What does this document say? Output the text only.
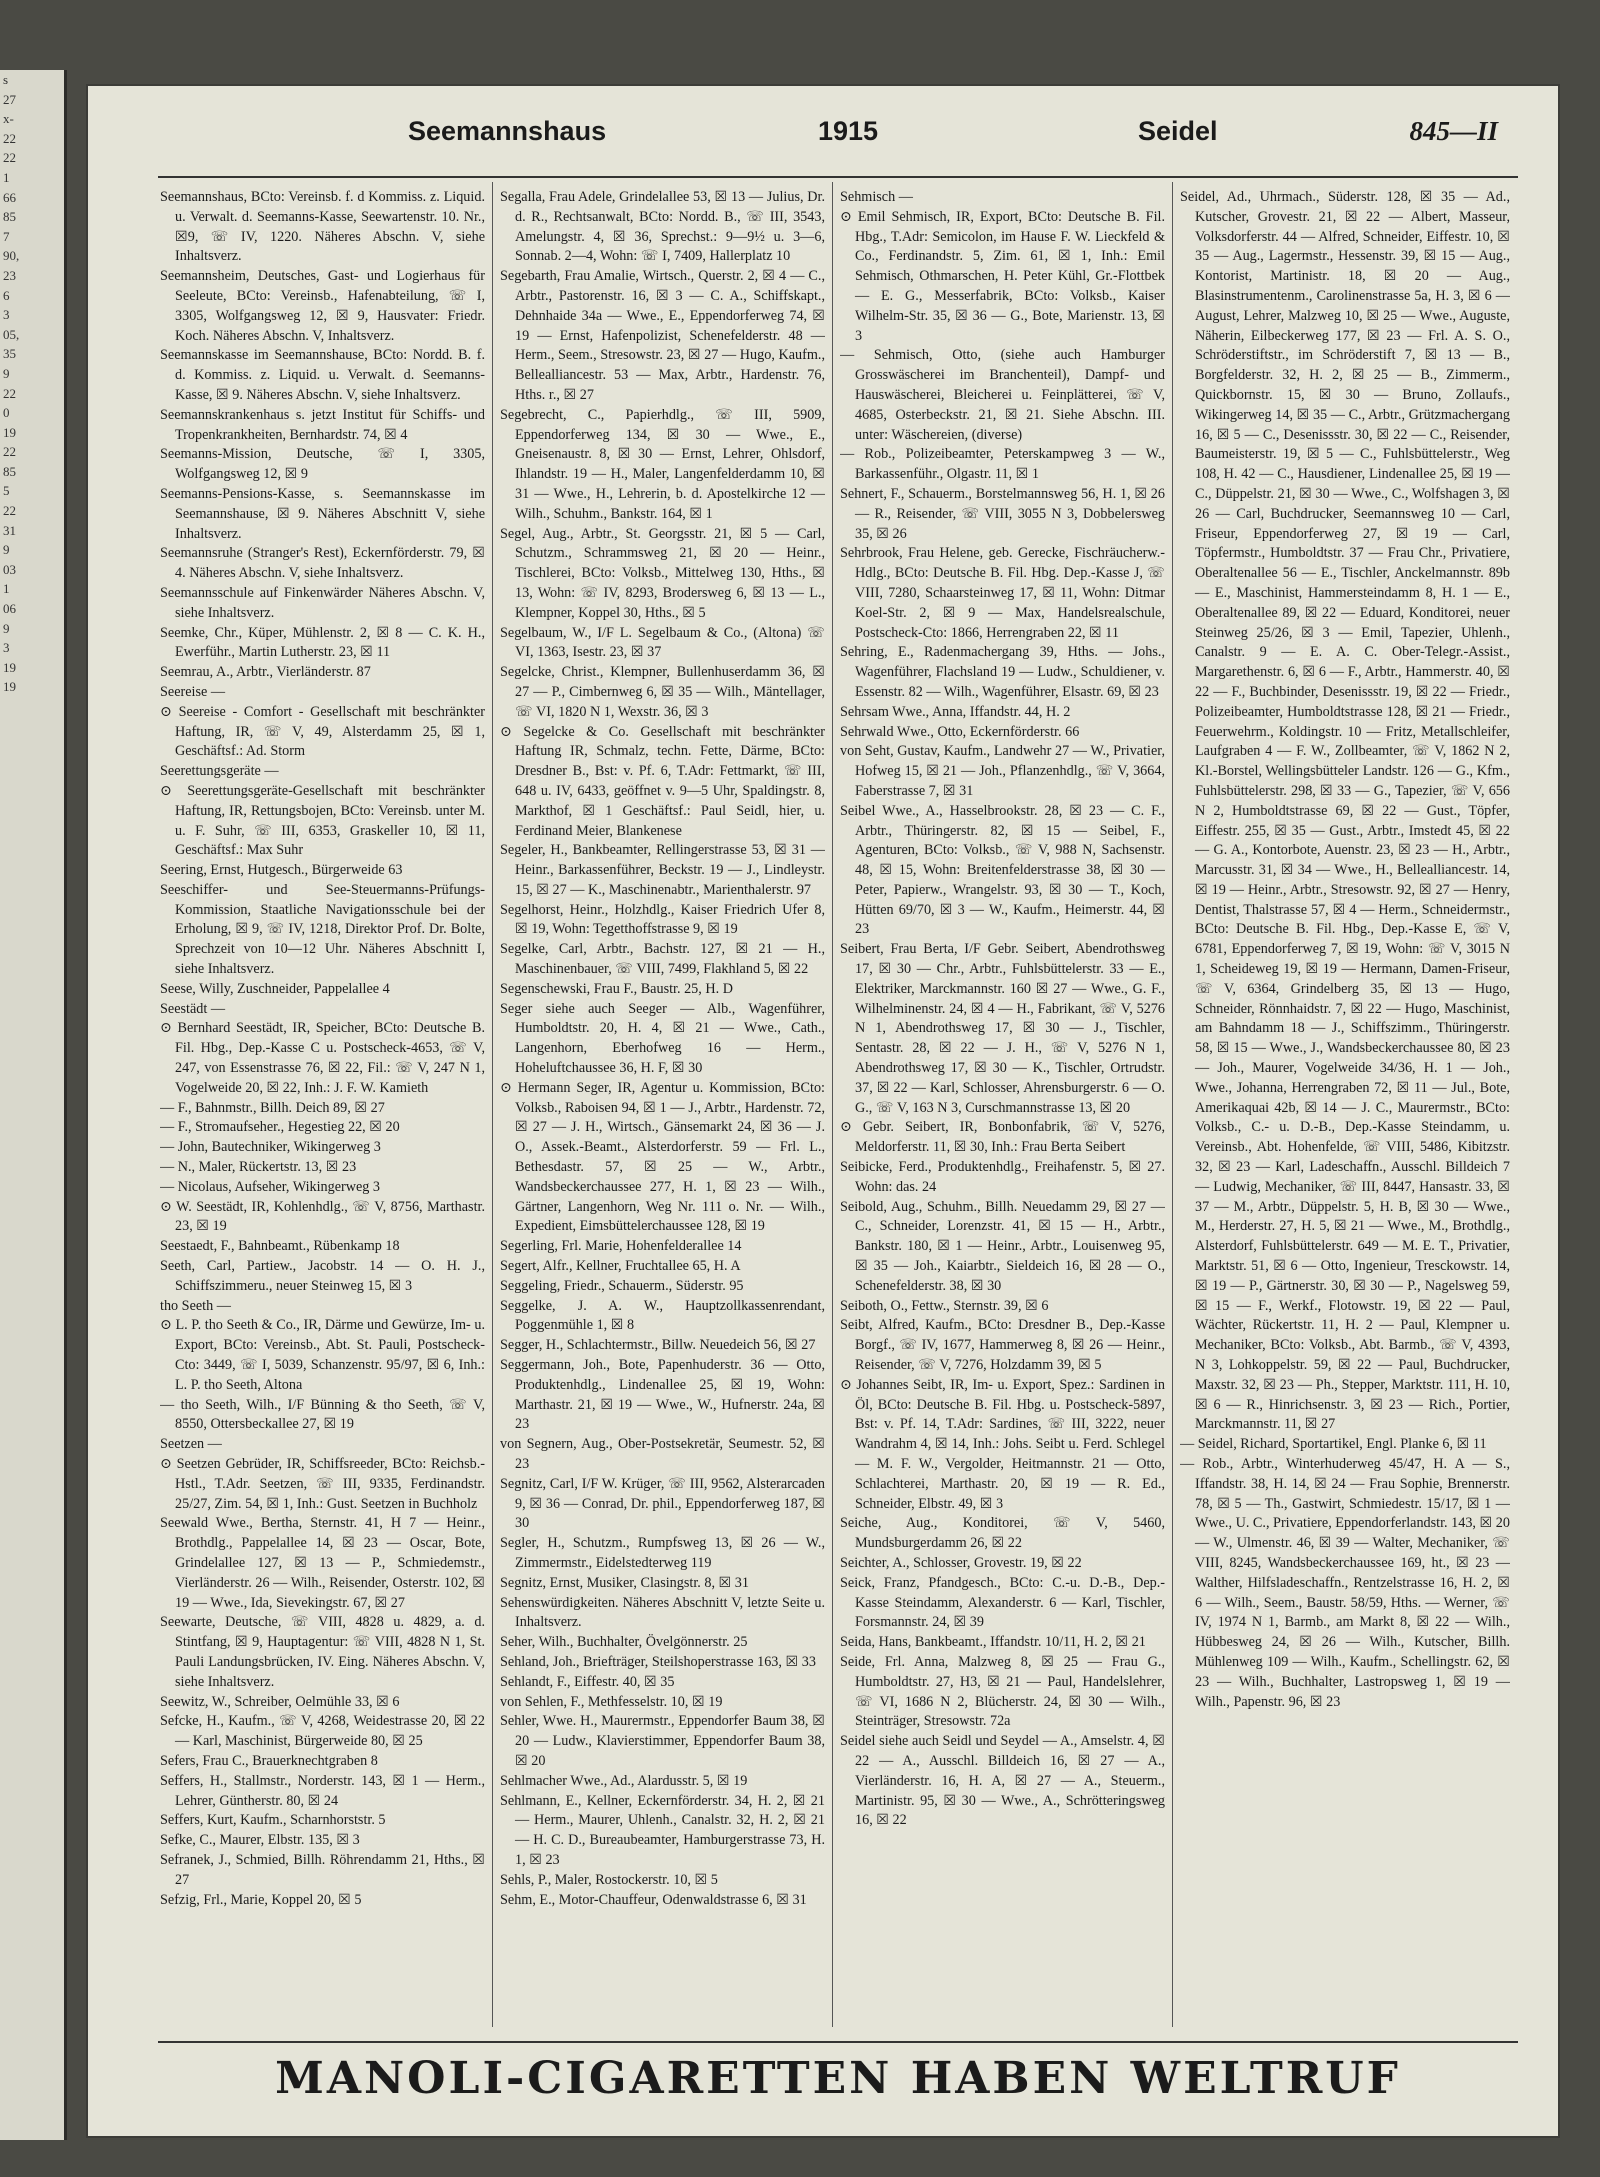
s
27
x-
22
22
1
66
85
7
90,
23
6
3
05,
35
9
22
0
19
22
85
5
22
31
9
03
1
06
9
3
19
19
Seemannshaus	1915	Seidel	845—II

Seemannshaus, BCto: Vereinsb. f. d Kommiss. z. Liquid. u. Verwalt. d. Seemanns-Kasse, Seewartenstr. 10. Nr., ☒9, ☏ IV, 1220. Näheres Abschn. V, siehe Inhaltsverz.

Seemannsheim, Deutsches, Gast- und Logierhaus für Seeleute, BCto: Vereinsb., Hafenabteilung, ☏ I, 3305, Wolfgangsweg 12, ☒ 9, Hausvater: Friedr. Koch. Näheres Abschn. V, Inhaltsverz.

Seemannskasse im Seemannshause, BCto: Nordd. B. f. d. Kommiss. z. Liquid. u. Verwalt. d. Seemanns-Kasse, ☒ 9. Näheres Abschn. V, siehe Inhaltsverz.

Seemannskrankenhaus s. jetzt Institut für Schiffs- und Tropenkrankheiten, Bernhardstr. 74, ☒ 4

Seemanns-Mission, Deutsche, ☏ I, 3305, Wolfgangsweg 12, ☒ 9

Seemanns-Pensions-Kasse, s. Seemannskasse im Seemannshause, ☒ 9. Näheres Abschnitt V, siehe Inhaltsverz.

Seemannsruhe (Stranger's Rest), Eckernförderstr. 79, ☒ 4. Näheres Abschn. V, siehe Inhaltsverz.

Seemannsschule auf Finkenwärder Näheres Abschn. V, siehe Inhaltsverz.

Seemke, Chr., Küper, Mühlenstr. 2, ☒ 8 — C. K. H., Ewerführ., Martin Lutherstr. 23, ☒ 11

Seemrau, A., Arbtr., Vierländerstr. 87

Seereise —

⊙ Seereise - Comfort - Gesellschaft mit beschränkter Haftung, IR, ☏ V, 49, Alsterdamm 25, ☒ 1, Geschäftsf.: Ad. Storm

Seerettungsgeräte —

⊙ Seerettungsgeräte-Gesellschaft mit beschränkter Haftung, IR, Rettungsbojen, BCto: Vereinsb. unter M. u. F. Suhr, ☏ III, 6353, Graskeller 10, ☒ 11, Geschäftsf.: Max Suhr

Seering, Ernst, Hutgesch., Bürgerweide 63

Seeschiffer- und See-Steuermanns-Prüfungs-Kommission, Staatliche Navigationsschule bei der Erholung, ☒ 9, ☏ IV, 1218, Direktor Prof. Dr. Bolte, Sprechzeit von 10—12 Uhr. Näheres Abschnitt I, siehe Inhaltsverz.

Seese, Willy, Zuschneider, Pappelallee 4

Seestädt —

⊙ Bernhard Seestädt, IR, Speicher, BCto: Deutsche B. Fil. Hbg., Dep.-Kasse C u. Postscheck-4653, ☏ V, 247, von Essenstrasse 76, ☒ 22, Fil.: ☏ V, 247 N 1, Vogelweide 20, ☒ 22, Inh.: J. F. W. Kamieth

— F., Bahnmstr., Billh. Deich 89, ☒ 27

— F., Stromaufseher., Hegestieg 22, ☒ 20

— John, Bautechniker, Wikingerweg 3

— N., Maler, Rückertstr. 13, ☒ 23

— Nicolaus, Aufseher, Wikingerweg 3

⊙ W. Seestädt, IR, Kohlenhdlg., ☏ V, 8756, Marthastr. 23, ☒ 19

Seestaedt, F., Bahnbeamt., Rübenkamp 18

Seeth, Carl, Partiew., Jacobstr. 14 — O. H. J., Schiffszimmeru., neuer Steinweg 15, ☒ 3

tho Seeth —

⊙ L. P. tho Seeth & Co., IR, Därme und Gewürze, Im- u. Export, BCto: Vereinsb., Abt. St. Pauli, Postscheck-Cto: 3449, ☏ I, 5039, Schanzenstr. 95/97, ☒ 6, Inh.: L. P. tho Seeth, Altona

— tho Seeth, Wilh., I/F Bünning & tho Seeth, ☏ V, 8550, Ottersbeckallee 27, ☒ 19

Seetzen —

⊙ Seetzen Gebrüder, IR, Schiffsreeder, BCto: Reichsb.-Hstl., T.Adr. Seetzen, ☏ III, 9335, Ferdinandstr. 25/27, Zim. 54, ☒ 1, Inh.: Gust. Seetzen in Buchholz

Seewald Wwe., Bertha, Sternstr. 41, H 7 — Heinr., Brothdlg., Pappelallee 14, ☒ 23 — Oscar, Bote, Grindelallee 127, ☒ 13 — P., Schmiedemstr., Vierländerstr. 26 — Wilh., Reisender, Osterstr. 102, ☒ 19 — Wwe., Ida, Sievekingstr. 67, ☒ 27

Seewarte, Deutsche, ☏ VIII, 4828 u. 4829, a. d. Stintfang, ☒ 9, Hauptagentur: ☏ VIII, 4828 N 1, St. Pauli Landungsbrücken, IV. Eing. Näheres Abschn. V, siehe Inhaltsverz.

Seewitz, W., Schreiber, Oelmühle 33, ☒ 6

Sefcke, H., Kaufm., ☏ V, 4268, Weidestrasse 20, ☒ 22 — Karl, Maschinist, Bürgerweide 80, ☒ 25

Sefers, Frau C., Brauerknechtgraben 8

Seffers, H., Stallmstr., Norderstr. 143, ☒ 1 — Herm., Lehrer, Güntherstr. 80, ☒ 24

Seffers, Kurt, Kaufm., Scharnhorststr. 5

Sefke, C., Maurer, Elbstr. 135, ☒ 3

Sefranek, J., Schmied, Billh. Röhrendamm 21, Hths., ☒ 27

Sefzig, Frl., Marie, Koppel 20, ☒ 5

Segalla, Frau Adele, Grindelallee 53, ☒ 13 — Julius, Dr. d. R., Rechtsanwalt, BCto: Nordd. B., ☏ III, 3543, Amelungstr. 4, ☒ 36, Sprechst.: 9—9½ u. 3—6, Sonnab. 2—4, Wohn: ☏ I, 7409, Hallerplatz 10

Segebarth, Frau Amalie, Wirtsch., Querstr. 2, ☒ 4 — C., Arbtr., Pastorenstr. 16, ☒ 3 — C. A., Schiffskapt., Dehnhaide 34a — Wwe., E., Eppendorferweg 74, ☒ 19 — Ernst, Hafenpolizist, Schenefelderstr. 48 — Herm., Seem., Stresowstr. 23, ☒ 27 — Hugo, Kaufm., Bellealliancestr. 53 — Max, Arbtr., Hardenstr. 76, Hths. r., ☒ 27

Segebrecht, C., Papierhdlg., ☏ III, 5909, Eppendorferweg 134, ☒ 30 — Wwe., E., Gneisenaustr. 8, ☒ 30 — Ernst, Lehrer, Ohlsdorf, Ihlandstr. 19 — H., Maler, Langenfelderdamm 10, ☒ 31 — Wwe., H., Lehrerin, b. d. Apostelkirche 12 — Wilh., Schuhm., Bankstr. 164, ☒ 1

Segel, Aug., Arbtr., St. Georgsstr. 21, ☒ 5 — Carl, Schutzm., Schrammsweg 21, ☒ 20 — Heinr., Tischlerei, BCto: Volksb., Mittelweg 130, Hths., ☒ 13, Wohn: ☏ IV, 8293, Brodersweg 6, ☒ 13 — L., Klempner, Koppel 30, Hths., ☒ 5

Segelbaum, W., I/F L. Segelbaum & Co., (Altona) ☏ VI, 1363, Isestr. 23, ☒ 37

Segelcke, Christ., Klempner, Bullenhuserdamm 36, ☒ 27 — P., Cimbernweg 6, ☒ 35 — Wilh., Mäntellager, ☏ VI, 1820 N 1, Wexstr. 36, ☒ 3

⊙ Segelcke & Co. Gesellschaft mit beschränkter Haftung IR, Schmalz, techn. Fette, Därme, BCto: Dresdner B., Bst: v. Pf. 6, T.Adr: Fettmarkt, ☏ III, 648 u. IV, 6433, geöffnet v. 9—5 Uhr, Spaldingstr. 8, Markthof, ☒ 1 Geschäftsf.: Paul Seidl, hier, u. Ferdinand Meier, Blankenese

Segeler, H., Bankbeamter, Rellingerstrasse 53, ☒ 31 — Heinr., Barkassenführer, Beckstr. 19 — J., Lindleystr. 15, ☒ 27 — K., Maschinenabtr., Marienthalerstr. 97

Segelhorst, Heinr., Holzhdlg., Kaiser Friedrich Ufer 8, ☒ 19, Wohn: Tegetthoffstrasse 9, ☒ 19

Segelke, Carl, Arbtr., Bachstr. 127, ☒ 21 — H., Maschinenbauer, ☏ VIII, 7499, Flakhland 5, ☒ 22

Segenschewski, Frau F., Baustr. 25, H. D

Seger siehe auch Seeger — Alb., Wagenführer, Humboldtstr. 20, H. 4, ☒ 21 — Wwe., Cath., Langenhorn, Eberhofweg 16 — Herm., Hoheluftchaussee 36, H. F, ☒ 30

⊙ Hermann Seger, IR, Agentur u. Kommission, BCto: Volksb., Raboisen 94, ☒ 1 — J., Arbtr., Hardenstr. 72, ☒ 27 — J. H., Wirtsch., Gänsemarkt 24, ☒ 36 — J. O., Assek.-Beamt., Alsterdorferstr. 59 — Frl. L., Bethesdastr. 57, ☒ 25 — W., Arbtr., Wandsbeckerchaussee 277, H. 1, ☒ 23 — Wilh., Gärtner, Langenhorn, Weg Nr. 111 o. Nr. — Wilh., Expedient, Eimsbüttelerchaussee 128, ☒ 19

Segerling, Frl. Marie, Hohenfelderallee 14

Segert, Alfr., Kellner, Fruchtallee 65, H. A

Seggeling, Friedr., Schauerm., Süderstr. 95

Seggelke, J. A. W., Hauptzollkassenrendant, Poggenmühle 1, ☒ 8

Segger, H., Schlachtermstr., Billw. Neuedeich 56, ☒ 27

Seggermann, Joh., Bote, Papenhuderstr. 36 — Otto, Produktenhdlg., Lindenallee 25, ☒ 19, Wohn: Marthastr. 21, ☒ 19 — Wwe., W., Hufnerstr. 24a, ☒ 23

von Segnern, Aug., Ober-Postsekretär, Seumestr. 52, ☒ 23

Segnitz, Carl, I/F W. Krüger, ☏ III, 9562, Alsterarcaden 9, ☒ 36 — Conrad, Dr. phil., Eppendorferweg 187, ☒ 30

Segler, H., Schutzm., Rumpfsweg 13, ☒ 26 — W., Zimmermstr., Eidelstedterweg 119

Segnitz, Ernst, Musiker, Clasingstr. 8, ☒ 31

Sehenswürdigkeiten. Näheres Abschnitt V, letzte Seite u. Inhaltsverz.

Seher, Wilh., Buchhalter, Övelgönnerstr. 25

Sehland, Joh., Briefträger, Steilshoperstrasse 163, ☒ 33

Sehlandt, F., Eiffestr. 40, ☒ 35

von Sehlen, F., Methfesselstr. 10, ☒ 19

Sehler, Wwe. H., Maurermstr., Eppendorfer Baum 38, ☒ 20 — Ludw., Klavierstimmer, Eppendorfer Baum 38, ☒ 20

Sehlmacher Wwe., Ad., Alardusstr. 5, ☒ 19

Sehlmann, E., Kellner, Eckernförderstr. 34, H. 2, ☒ 21 — Herm., Maurer, Uhlenh., Canalstr. 32, H. 2, ☒ 21 — H. C. D., Bureaubeamter, Hamburgerstrasse 73, H. 1, ☒ 23

Sehls, P., Maler, Rostockerstr. 10, ☒ 5

Sehm, E., Motor-Chauffeur, Odenwaldstrasse 6, ☒ 31

Sehmisch —

⊙ Emil Sehmisch, IR, Export, BCto: Deutsche B. Fil. Hbg., T.Adr: Semicolon, im Hause F. W. Lieckfeld & Co., Ferdinandstr. 5, Zim. 61, ☒ 1, Inh.: Emil Sehmisch, Othmarschen, H. Peter Kühl, Gr.-Flottbek — E. G., Messerfabrik, BCto: Volksb., Kaiser Wilhelm-Str. 35, ☒ 36 — G., Bote, Marienstr. 13, ☒ 3

— Sehmisch, Otto, (siehe auch Hamburger Grosswäscherei im Branchenteil), Dampf- und Hauswäscherei, Bleicherei u. Feinplätterei, ☏ V, 4685, Osterbeckstr. 21, ☒ 21. Siehe Abschn. III. unter: Wäschereien, (diverse)

— Rob., Polizeibeamter, Peterskampweg 3 — W., Barkassenführ., Olgastr. 11, ☒ 1

Sehnert, F., Schauerm., Borstelmannsweg 56, H. 1, ☒ 26 — R., Reisender, ☏ VIII, 3055 N 3, Dobbelersweg 35, ☒ 26

Sehrbrook, Frau Helene, geb. Gerecke, Fischräucherw.-Hdlg., BCto: Deutsche B. Fil. Hbg. Dep.-Kasse J, ☏ VIII, 7280, Schaarsteinweg 17, ☒ 11, Wohn: Ditmar Koel-Str. 2, ☒ 9 — Max, Handelsrealschule, Postscheck-Cto: 1866, Herrengraben 22, ☒ 11

Sehring, E., Radenmachergang 39, Hths. — Johs., Wagenführer, Flachsland 19 — Ludw., Schuldiener, v. Essenstr. 82 — Wilh., Wagenführer, Elsastr. 69, ☒ 23

Sehrsam Wwe., Anna, Iffandstr. 44, H. 2

Sehrwald Wwe., Otto, Eckernförderstr. 66

von Seht, Gustav, Kaufm., Landwehr 27 — W., Privatier, Hofweg 15, ☒ 21 — Joh., Pflanzenhdlg., ☏ V, 3664, Faberstrasse 7, ☒ 31

Seibel Wwe., A., Hasselbrookstr. 28, ☒ 23 — C. F., Arbtr., Thüringerstr. 82, ☒ 15 — Seibel, F., Agenturen, BCto: Volksb., ☏ V, 988 N, Sachsenstr. 48, ☒ 15, Wohn: Breitenfelderstrasse 38, ☒ 30 — Peter, Papierw., Wrangelstr. 93, ☒ 30 — T., Koch, Hütten 69/70, ☒ 3 — W., Kaufm., Heimerstr. 44, ☒ 23

Seibert, Frau Berta, I/F Gebr. Seibert, Abendrothsweg 17, ☒ 30 — Chr., Arbtr., Fuhlsbüttelerstr. 33 — E., Elektriker, Marckmannstr. 160 ☒ 27 — Wwe., G. F., Wilhelminenstr. 24, ☒ 4 — H., Fabrikant, ☏ V, 5276 N 1, Abendrothsweg 17, ☒ 30 — J., Tischler, Sentastr. 28, ☒ 22 — J. H., ☏ V, 5276 N 1, Abendrothsweg 17, ☒ 30 — K., Tischler, Ortrudstr. 37, ☒ 22 — Karl, Schlosser, Ahrensburgerstr. 6 — O. G., ☏ V, 163 N 3, Curschmannstrasse 13, ☒ 20

⊙ Gebr. Seibert, IR, Bonbonfabrik, ☏ V, 5276, Meldorferstr. 11, ☒ 30, Inh.: Frau Berta Seibert

Seibicke, Ferd., Produktenhdlg., Freihafenstr. 5, ☒ 27. Wohn: das. 24

Seibold, Aug., Schuhm., Billh. Neuedamm 29, ☒ 27 — C., Schneider, Lorenzstr. 41, ☒ 15 — H., Arbtr., Bankstr. 180, ☒ 1 — Heinr., Arbtr., Louisenweg 95, ☒ 35 — Joh., Kaiarbtr., Sieldeich 16, ☒ 28 — O., Schenefelderstr. 38, ☒ 30

Seiboth, O., Fettw., Sternstr. 39, ☒ 6

Seibt, Alfred, Kaufm., BCto: Dresdner B., Dep.-Kasse Borgf., ☏ IV, 1677, Hammerweg 8, ☒ 26 — Heinr., Reisender, ☏ V, 7276, Holzdamm 39, ☒ 5

⊙ Johannes Seibt, IR, Im- u. Export, Spez.: Sardinen in Öl, BCto: Deutsche B. Fil. Hbg. u. Postscheck-5897, Bst: v. Pf. 14, T.Adr: Sardines, ☏ III, 3222, neuer Wandrahm 4, ☒ 14, Inh.: Johs. Seibt u. Ferd. Schlegel — M. F. W., Vergolder, Heitmannstr. 21 — Otto, Schlachterei, Marthastr. 20, ☒ 19 — R. Ed., Schneider, Elbstr. 49, ☒ 3

Seiche, Aug., Konditorei, ☏ V, 5460, Mundsburgerdamm 26, ☒ 22

Seichter, A., Schlosser, Grovestr. 19, ☒ 22

Seick, Franz, Pfandgesch., BCto: C.-u. D.-B., Dep.-Kasse Steindamm, Alexanderstr. 6 — Karl, Tischler, Forsmannstr. 24, ☒ 39

Seida, Hans, Bankbeamt., Iffandstr. 10/11, H. 2, ☒ 21

Seide, Frl. Anna, Malzweg 8, ☒ 25 — Frau G., Humboldtstr. 27, H3, ☒ 21 — Paul, Handelslehrer, ☏ VI, 1686 N 2, Blücherstr. 24, ☒ 30 — Wilh., Steinträger, Stresowstr. 72a

Seidel siehe auch Seidl und Seydel — A., Amselstr. 4, ☒ 22 — A., Ausschl. Billdeich 16, ☒ 27 — A., Vierländerstr. 16, H. A, ☒ 27 — A., Steuerm., Martinistr. 95, ☒ 30 — Wwe., A., Schrötteringsweg 16, ☒ 22

Seidel, Ad., Uhrmach., Süderstr. 128, ☒ 35 — Ad., Kutscher, Grovestr. 21, ☒ 22 — Albert, Masseur, Volksdorferstr. 44 — Alfred, Schneider, Eiffestr. 10, ☒ 35 — Aug., Lagermstr., Hessenstr. 39, ☒ 15 — Aug., Kontorist, Martinistr. 18, ☒ 20 — Aug., Blasinstrumentenm., Carolinenstrasse 5a, H. 3, ☒ 6 — August, Lehrer, Malzweg 10, ☒ 25 — Wwe., Auguste, Näherin, Eilbeckerweg 177, ☒ 23 — Frl. A. S. O., Schröderstiftstr., im Schröderstift 7, ☒ 13 — B., Borgfelderstr. 32, H. 2, ☒ 25 — B., Zimmerm., Quickbornstr. 15, ☒ 30 — Bruno, Zollaufs., Wikingerweg 14, ☒ 35 — C., Arbtr., Grützmachergang 16, ☒ 5 — C., Desenissstr. 30, ☒ 22 — C., Reisender, Baumeisterstr. 19, ☒ 5 — C., Fuhlsbüttelerstr., Weg 108, H. 42 — C., Hausdiener, Lindenallee 25, ☒ 19 — C., Düppelstr. 21, ☒ 30 — Wwe., C., Wolfshagen 3, ☒ 26 — Carl, Buchdrucker, Seemannsweg 10 — Carl, Friseur, Eppendorferweg 27, ☒ 19 — Carl, Töpfermstr., Humboldtstr. 37 — Frau Chr., Privatiere, Oberaltenallee 56 — E., Tischler, Anckelmannstr. 89b — E., Maschinist, Hammersteindamm 8, H. 1 — E., Oberaltenallee 89, ☒ 22 — Eduard, Konditorei, neuer Steinweg 25/26, ☒ 3 — Emil, Tapezier, Uhlenh., Canalstr. 9 — E. A. C. Ober-Telegr.-Assist., Margarethenstr. 6, ☒ 6 — F., Arbtr., Hammerstr. 40, ☒ 22 — F., Buchbinder, Desenissstr. 19, ☒ 22 — Friedr., Polizeibeamter, Humboldtstrasse 128, ☒ 21 — Friedr., Feuerwehrm., Koldingstr. 10 — Fritz, Metallschleifer, Laufgraben 4 — F. W., Zollbeamter, ☏ V, 1862 N 2, Kl.-Borstel, Wellingsbütteler Landstr. 126 — G., Kfm., Fuhlsbüttelerstr. 298, ☒ 33 — G., Tapezier, ☏ V, 656 N 2, Humboldtstrasse 69, ☒ 22 — Gust., Töpfer, Eiffestr. 255, ☒ 35 — Gust., Arbtr., Imstedt 45, ☒ 22 — G. A., Kontorbote, Auenstr. 23, ☒ 23 — H., Arbtr., Marcusstr. 31, ☒ 34 — Wwe., H., Bellealliancestr. 14, ☒ 19 — Heinr., Arbtr., Stresowstr. 92, ☒ 27 — Henry, Dentist, Thalstrasse 57, ☒ 4 — Herm., Schneidermstr., BCto: Deutsche B. Fil. Hbg., Dep.-Kasse E, ☏ V, 6781, Eppendorferweg 7, ☒ 19, Wohn: ☏ V, 3015 N 1, Scheideweg 19, ☒ 19 — Hermann, Damen-Friseur, ☏ V, 6364, Grindelberg 35, ☒ 13 — Hugo, Schneider, Rönnhaidstr. 7, ☒ 22 — Hugo, Maschinist, am Bahndamm 18 — J., Schiffszimm., Thüringerstr. 58, ☒ 15 — Wwe., J., Wandsbeckerchaussee 80, ☒ 23 — Joh., Maurer, Vogelweide 34/36, H. 1 — Joh., Wwe., Johanna, Herrengraben 72, ☒ 11 — Jul., Bote, Amerikaquai 42b, ☒ 14 — J. C., Maurermstr., BCto: Volksb., C.- u. D.-B., Dep.-Kasse Steindamm, u. Vereinsb., Abt. Hohenfelde, ☏ VIII, 5486, Kibitzstr. 32, ☒ 23 — Karl, Ladeschaffn., Ausschl. Billdeich 7 — Ludwig, Mechaniker, ☏ III, 8447, Hansastr. 33, ☒ 37 — M., Arbtr., Düppelstr. 5, H. B, ☒ 30 — Wwe., M., Herderstr. 27, H. 5, ☒ 21 — Wwe., M., Brothdlg., Alsterdorf, Fuhlsbüttelerstr. 649 — M. E. T., Privatier, Marktstr. 51, ☒ 6 — Otto, Ingenieur, Tresckowstr. 14, ☒ 19 — P., Gärtnerstr. 30, ☒ 30 — P., Nagelsweg 59, ☒ 15 — F., Werkf., Flotowstr. 19, ☒ 22 — Paul, Wächter, Rückertstr. 11, H. 2 — Paul, Klempner u. Mechaniker, BCto: Volksb., Abt. Barmb., ☏ V, 4393, N 3, Lohkoppelstr. 59, ☒ 22 — Paul, Buchdrucker, Maxstr. 32, ☒ 23 — Ph., Stepper, Marktstr. 111, H. 10, ☒ 6 — R., Hinrichsenstr. 3, ☒ 23 — Rich., Portier, Marckmannstr. 11, ☒ 27

— Seidel, Richard, Sportartikel, Engl. Planke 6, ☒ 11

— Rob., Arbtr., Winterhuderweg 45/47, H. A — S., Iffandstr. 38, H. 14, ☒ 24 — Frau Sophie, Brennerstr. 78, ☒ 5 — Th., Gastwirt, Schmiedestr. 15/17, ☒ 1 — Wwe., U. C., Privatiere, Eppendorferlandstr. 143, ☒ 20 — W., Ulmenstr. 46, ☒ 39 — Walter, Mechaniker, ☏ VIII, 8245, Wandsbeckerchaussee 169, ht., ☒ 23 — Walther, Hilfsladeschaffn., Rentzelstrasse 16, H. 2, ☒ 6 — Wilh., Seem., Baustr. 58/59, Hths. — Werner, ☏ IV, 1974 N 1, Barmb., am Markt 8, ☒ 22 — Wilh., Hübbesweg 24, ☒ 26 — Wilh., Kutscher, Billh. Mühlenweg 109 — Wilh., Kaufm., Schellingstr. 62, ☒ 23 — Wilh., Buchhalter, Lastropsweg 1, ☒ 19 — Wilh., Papenstr. 96, ☒ 23

MANOLI-CIGARETTEN HABEN WELTRUF
